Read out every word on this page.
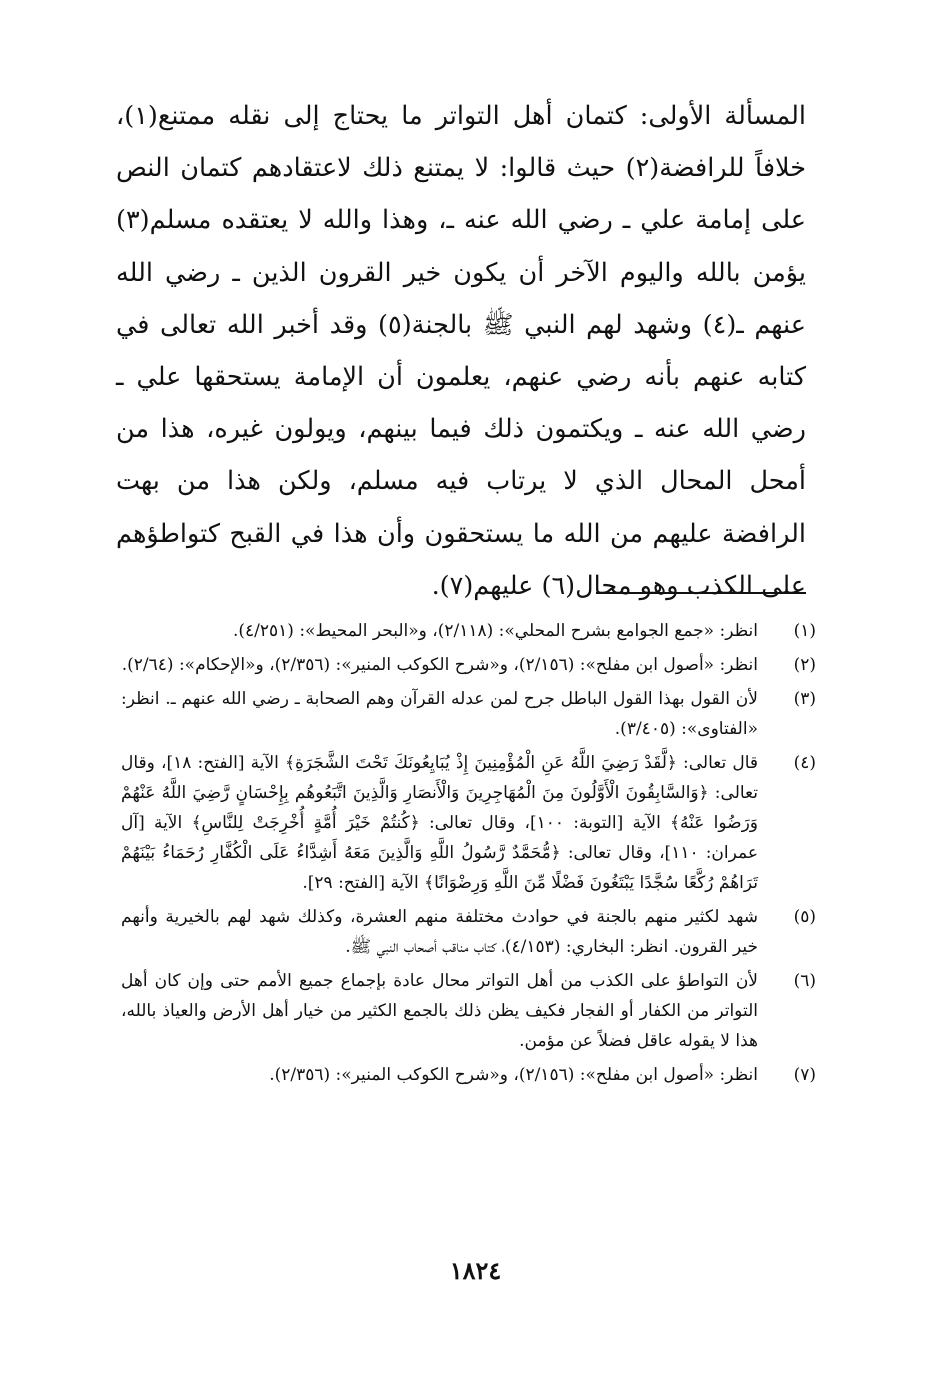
المسألة الأولى: كتمان أهل التواتر ما يحتاج إلى نقله ممتنع(١)، خلافاً للرافضة(٢) حيث قالوا: لا يمتنع ذلك لاعتقادهم كتمان النص على إمامة علي ـ رضي الله عنه ـ، وهذا والله لا يعتقده مسلم(٣) يؤمن بالله واليوم الآخر أن يكون خير القرون الذين ـ رضي الله عنهم ـ(٤) وشهد لهم النبي ﷺ بالجنة(٥) وقد أخبر الله تعالى في كتابه عنهم بأنه رضي عنهم، يعلمون أن الإمامة يستحقها علي ـ رضي الله عنه ـ ويكتمون ذلك فيما بينهم، ويولون غيره، هذا من أمحل المحال الذي لا يرتاب فيه مسلم، ولكن هذا من بهت الرافضة عليهم من الله ما يستحقون وأن هذا في القبح كتواطؤهم على الكذب وهو محال(٦) عليهم(٧).

(١)
انظر: «جمع الجوامع بشرح المحلي»: (٢/١١٨)، و«البحر المحيط»: (٤/٢٥١).
(٢)
انظر: «أصول ابن مفلح»: (٢/١٥٦)، و«شرح الكوكب المنير»: (٢/٣٥٦)، و«الإحكام»: (٢/٦٤).
(٣)
لأن القول بهذا القول الباطل جرح لمن عدله القرآن وهم الصحابة ـ رضي الله عنهم ـ. انظر: «الفتاوى»: (٣/٤٠٥).
(٤)
قال تعالى: ﴿لَّقَدْ رَضِيَ اللَّهُ عَنِ الْمُؤْمِنِينَ إِذْ يُبَايِعُونَكَ تَحْتَ الشَّجَرَةِ﴾ الآية [الفتح: ١٨]، وقال تعالى: ﴿وَالسَّابِقُونَ الْأَوَّلُونَ مِنَ الْمُهَاجِرِينَ وَالْأَنصَارِ وَالَّذِينَ اتَّبَعُوهُم بِإِحْسَانٍ رَّضِيَ اللَّهُ عَنْهُمْ وَرَضُوا عَنْهُ﴾ الآية [التوبة: ١٠٠]، وقال تعالى: ﴿كُنتُمْ خَيْرَ أُمَّةٍ أُخْرِجَتْ لِلنَّاسِ﴾ الآية [آل عمران: ١١٠]، وقال تعالى: ﴿مُّحَمَّدٌ رَّسُولُ اللَّهِ وَالَّذِينَ مَعَهُ أَشِدَّاءُ عَلَى الْكُفَّارِ رُحَمَاءُ بَيْنَهُمْ تَرَاهُمْ رُكَّعًا سُجَّدًا يَبْتَغُونَ فَضْلًا مِّنَ اللَّهِ وَرِضْوَانًا﴾ الآية [الفتح: ٢٩].
(٥)
شهد لكثير منهم بالجنة في حوادث مختلفة منهم العشرة، وكذلك شهد لهم بالخيرية وأنهم خير القرون. انظر: البخاري: (٤/١٥٣)، كتاب مناقب أصحاب النبي ﷺ.
(٦)
لأن التواطؤ على الكذب من أهل التواتر محال عادة بإجماع جميع الأمم حتى وإن كان أهل التواتر من الكفار أو الفجار فكيف يظن ذلك بالجمع الكثير من خيار أهل الأرض والعياذ بالله، هذا لا يقوله عاقل فضلاً عن مؤمن.
(٧)
انظر: «أصول ابن مفلح»: (٢/١٥٦)، و«شرح الكوكب المنير»: (٢/٣٥٦).
١٨٢٤
